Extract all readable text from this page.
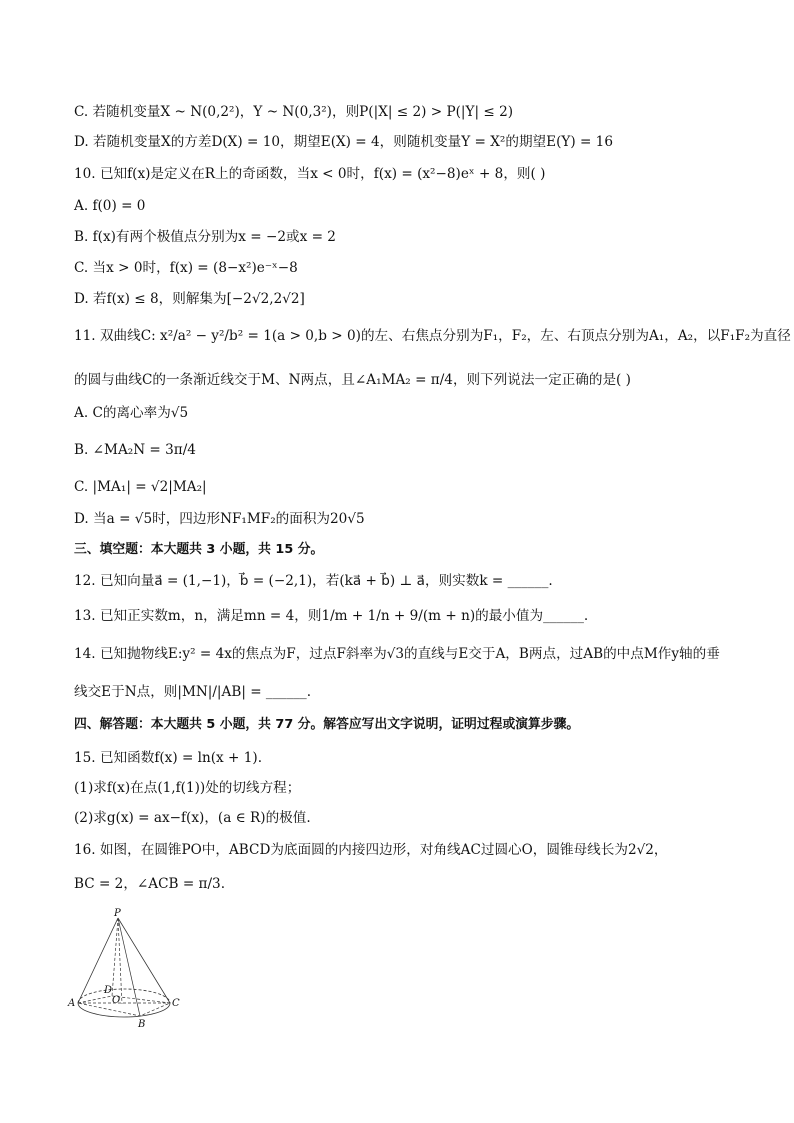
C. 若随机变量X ~ N(0,2²)，Y ~ N(0,3²)，则P(|X| ≤ 2) > P(|Y| ≤ 2)
D. 若随机变量X的方差D(X) = 10，期望E(X) = 4，则随机变量Y = X²的期望E(Y) = 16
10. 已知f(x)是定义在R上的奇函数，当x < 0时，f(x) = (x²−8)eˣ + 8，则( )
A. f(0) = 0
B. f(x)有两个极值点分别为x = −2或x = 2
C. 当x > 0时，f(x) = (8−x²)e⁻ˣ−8
D. 若f(x) ≤ 8，则解集为[−2√2,2√2]
11. 双曲线C: x²/a² − y²/b² = 1(a > 0,b > 0)的左、右焦点分别为F₁，F₂，左、右顶点分别为A₁，A₂，以F₁F₂为直径
的圆与曲线C的一条渐近线交于M、N两点，且∠A₁MA₂ = π/4，则下列说法一定正确的是( )
A. C的离心率为√5
B. ∠MA₂N = 3π/4
C. |MA₁| = √2|MA₂|
D. 当a = √5时，四边形NF₁MF₂的面积为20√5
三、填空题：本大题共 3 小题，共 15 分。
12. 已知向量a⃗ = (1,−1)，b⃗ = (−2,1)，若(ka⃗ + b⃗) ⊥ a⃗，则实数k = ______.
13. 已知正实数m，n，满足mn = 4，则1/m + 1/n + 9/(m + n)的最小值为______.
14. 已知抛物线E:y² = 4x的焦点为F，过点F斜率为√3的直线与E交于A，B两点，过AB的中点M作y轴的垂
线交E于N点，则|MN|/|AB| = ______.
四、解答题：本大题共 5 小题，共 77 分。解答应写出文字说明，证明过程或演算步骤。
15. 已知函数f(x) = ln(x + 1).
(1)求f(x)在点(1,f(1))处的切线方程；
(2)求g(x) = ax−f(x)，(a ∈ R)的极值.
16. 如图，在圆锥PO中，ABCD为底面圆的内接四边形，对角线AC过圆心O，圆锥母线长为2√2，
BC = 2，∠ACB = π/3.
P
A	C
B
D
O
